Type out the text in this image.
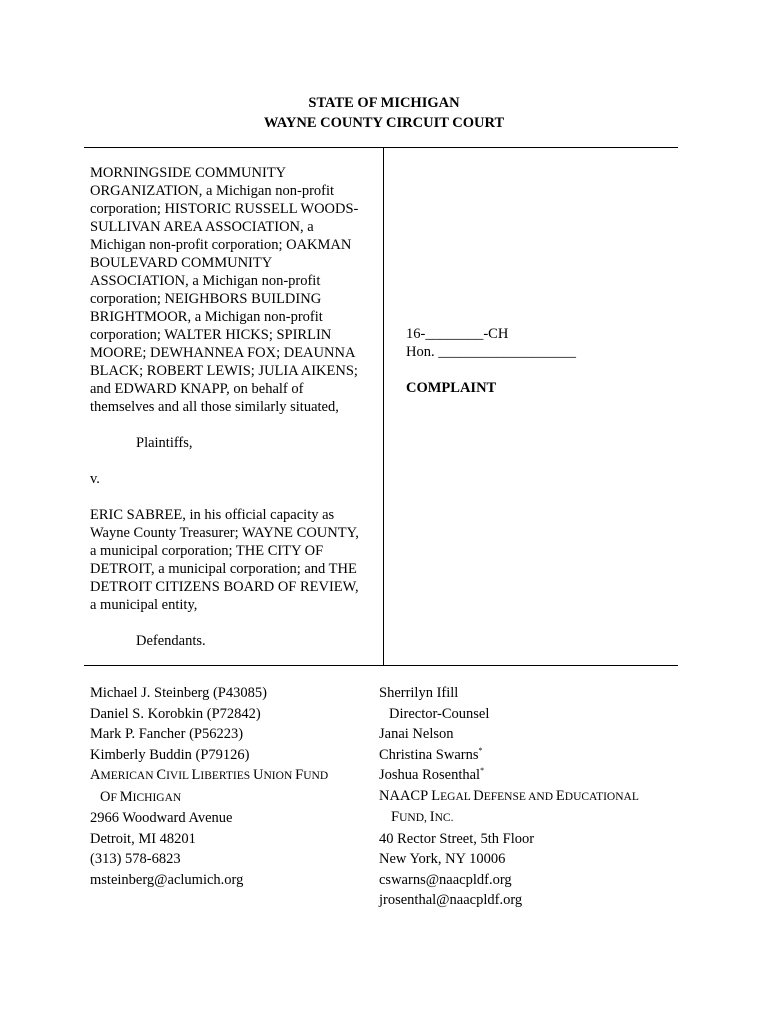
STATE OF MICHIGAN
WAYNE COUNTY CIRCUIT COURT
MORNINGSIDE COMMUNITY
ORGANIZATION, a Michigan non-profit
corporation; HISTORIC RUSSELL WOODS-
SULLIVAN AREA ASSOCIATION, a
Michigan non-profit corporation; OAKMAN
BOULEVARD COMMUNITY
ASSOCIATION, a Michigan non-profit
corporation; NEIGHBORS BUILDING
BRIGHTMOOR, a Michigan non-profit
corporation; WALTER HICKS; SPIRLIN
MOORE; DEWHANNEA FOX; DEAUNNA
BLACK; ROBERT LEWIS; JULIA AIKENS;
and EDWARD KNAPP, on behalf of
themselves and all those similarly situated,
Plaintiffs,
v.
ERIC SABREE, in his official capacity as
Wayne County Treasurer; WAYNE COUNTY,
a municipal corporation; THE CITY OF
DETROIT, a municipal corporation; and THE
DETROIT CITIZENS BOARD OF REVIEW,
a municipal entity,
Defendants.
16-________-CH
Hon. ___________________
COMPLAINT
Michael J. Steinberg (P43085)
Daniel S. Korobkin (P72842)
Mark P. Fancher (P56223)
Kimberly Buddin (P79126)
AMERICAN CIVIL LIBERTIES UNION FUND
OF MICHIGAN
2966 Woodward Avenue
Detroit, MI 48201
(313) 578-6823
msteinberg@aclumich.org
Sherrilyn Ifill
Director-Counsel
Janai Nelson
Christina Swarns*
Joshua Rosenthal*
NAACP LEGAL DEFENSE AND EDUCATIONAL
FUND, INC.
40 Rector Street, 5th Floor
New York, NY 10006
cswarns@naacpldf.org
jrosenthal@naacpldf.org
